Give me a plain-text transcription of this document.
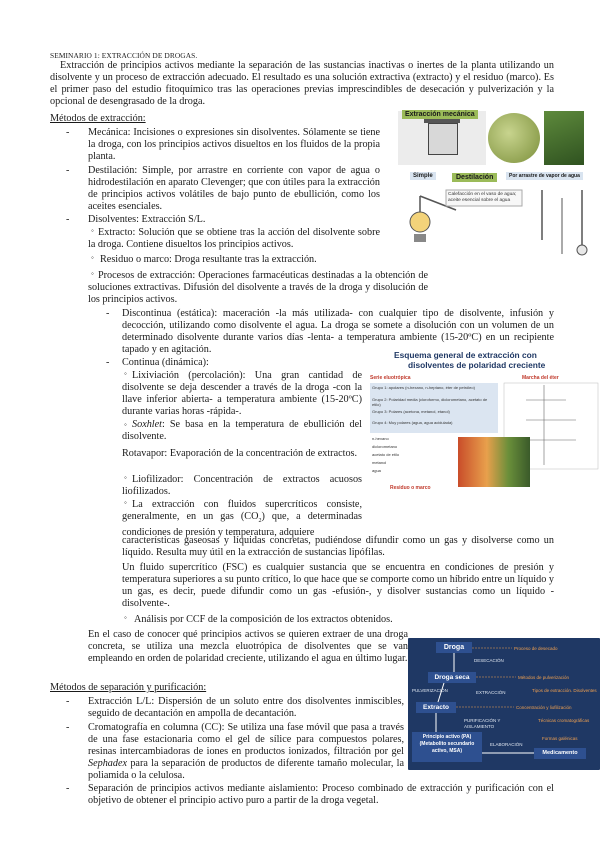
SEMINARIO 1: EXTRACCIÓN DE DROGAS.
Extracción de principios activos mediante la separación de las sustancias inactivas o inertes de la planta utilizando un disolvente y un proceso de extracción adecuado. El resultado es una solución extractiva (extracto) y el residuo (marco). Es el primer paso del estudio fitoquímico tras las operaciones previas imprescindibles de desecación y pulverización y la opcional de desengrasado de la droga.
Métodos de extracción:
- Mecánica: Incisiones o expresiones sin disolventes. Sólamente se tiene la droga, con los principios activos disueltos en los fluidos de la propia planta.
- Destilación: Simple, por arrastre en corriente con vapor de agua o hidrodestilación en aparato Clevenger; que con útiles para la extracción de principios activos volátiles de bajo punto de ebullición, como los aceites esenciales.
- Disolventes: Extracción S/L.
◦ Extracto: Solución que se obtiene tras la acción del disolvente sobre la droga. Contiene disueltos los principios activos.
◦ Residuo o marco: Droga resultante tras la extracción.
◦ Procesos de extracción: Operaciones farmacéuticas destinadas a la obtención de soluciones extractivas. Difusión del disolvente a través de la droga y disolución de los principios activos.
- Discontinua (estática): maceración -la más utilizada- con cualquier tipo de disolvente, infusión y decocción, utilizando como disolvente el agua. La droga se somete a disolución con un volumen de un determinado disolvente durante varios días -lenta- a temperatura ambiente (15-20ºC) en un recipiente tapado y en agitación.
- Continua (dinámica):
◦ Lixiviación (percolación): Una gran cantidad de disolvente se deja descender a través de la droga -con la llave inferior abierta- a temperatura ambiente (15-20ºC) durante varias horas -rápida-.
◦ Soxhlet: Se basa en la temperatura de ebullición del disolvente.
Rotavapor: Evaporación de la concentración de extractos.
◦ Liofilizador: Concentración de extractos acuosos liofilizados.
◦ La extracción con fluidos supercríticos consiste, generalmente, en un gas $(CO_2)$ que, a determinadas condiciones de presión y temperatura, adquiere
características gaseosas y líquidas concretas, pudiéndose difundir como un gas y disolverse como un líquido. Resulta muy útil en la extracción de sustancias lipófilas.
Un fluido supercrítico (FSC) es cualquier sustancia que se encuentra en condiciones de presión y temperatura superiores a su punto crítico, lo que hace que se comporte como un híbrido entre un líquido y un gas, es decir, puede difundir como un gas -efusión-, y disolver sustancias como un líquido -disolvente-.
◦ Análisis por CCF de la composición de los extractos obtenidos.
En el caso de conocer qué principios activos se quieren extraer de una droga concreta, se utiliza una mezcla eluotrópica de disolventes que se van empleando en orden de polaridad creciente, utilizando el agua en último lugar.
Métodos de separación y purificación:
- Extracción L/L: Dispersión de un soluto entre dos disolventes inmiscibles, seguido de decantación en ampolla de decantación.
- Cromatografía en columna (CC): Se utiliza una fase móvil que pasa a través de una fase estacionaria como el gel de sílice para compuestos polares, resinas intercambiadoras de iones en productos ionizados, filtración por gel Sephadex para la separación de productos de diferente tamaño molecular, la poliamida o la celulosa.
- Separación de principios activos mediante aislamiento: Proceso combinado de extracción y purificación con el objetivo de obtener el principio activo puro a partir de la droga vegetal.
Extracción mecánica
Simple	Destilación	Por arrastre de vapor de agua
Calefacción en el vaso de agua; aceite esencial sobre el agua
Esquema general de extracción con
disolventes de polaridad creciente
Serie eluotrópica	Marcha del éter
Grupo 1: apolares (n-hexano, n-heptano, éter de petróleo)
Grupo 2: Polaridad media (cloroformo, diclorometano, acetato de etilo)
Grupo 3: Polares (acetona, metanol, etanol)
Grupo 4: Muy polares (agua, agua acidulada)
n-hexano
diclorometano
acetato de etilo
metanol
agua
Residuo o marco
Droga
Droga seca
Extracto
Principio activo (PA) (Metabolito secundario activo, MSA)	Medicamento
DESECACIÓN
PULVERIZACIÓN	EXTRACCIÓN
PURIFICACIÓN Y AISLAMIENTO
ELABORACIÓN
Proceso de desecado
Métodos de pulverización
Tipos de extracción. Disolventes
Concentración y liofilización
Técnicas cromatográficas
Formas galénicas
